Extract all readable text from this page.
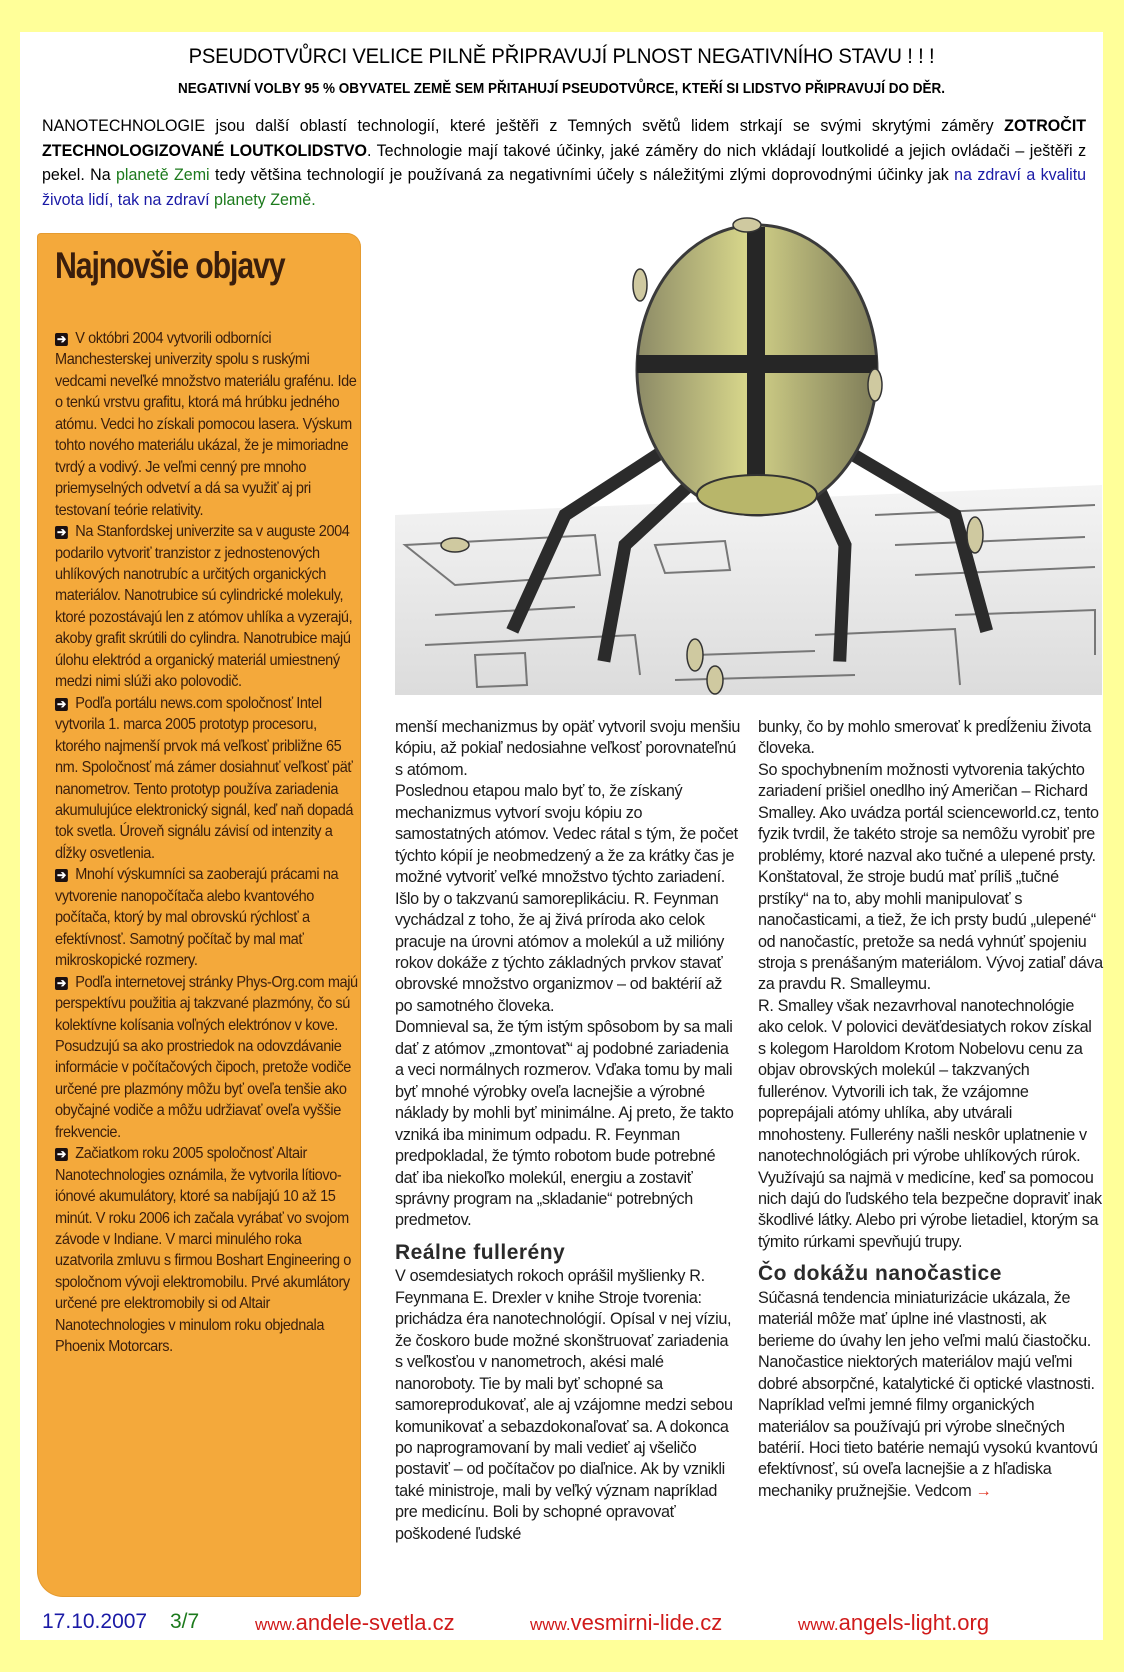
PSEUDOTVŮRCI VELICE PILNĚ PŘIPRAVUJÍ PLNOST NEGATIVNÍHO STAVU ! ! !
NEGATIVNÍ VOLBY 95 % OBYVATEL ZEMĚ SEM PŘITAHUJÍ PSEUDOTVŮRCE, KTEŘÍ SI LIDSTVO PŘIPRAVUJÍ DO DĚR.
NANOTECHNOLOGIE jsou další oblastí technologií, které ještěři z Temných světů lidem strkají se svými skrytými záměry ZOTROČIT ZTECHNOLOGIZOVANÉ LOUTKOLIDSTVO. Technologie mají takové účinky, jaké záměry do nich vkládají loutkolidé a jejich ovládači – ještěři z pekel. Na planetě Zemi tedy většina technologií je používaná za negativními účely s náležitými zlými doprovodnými účinky jak na zdraví a kvalitu života lidí, tak na zdraví planety Země.
Najnovšie objavy

➔ V októbri 2004 vytvorili odborníci Manchesterskej univerzity spolu s ruskými vedcami neveľké množstvo materiálu grafénu. Ide o tenkú vrstvu grafitu, ktorá má hrúbku jedného atómu. Vedci ho získali pomocou lasera. Výskum tohto nového materiálu ukázal, že je mimoriadne tvrdý a vodivý. Je veľmi cenný pre mnoho priemyselných odvetví a dá sa využiť aj pri testovaní teórie relativity.

➔ Na Stanfordskej univerzite sa v auguste 2004 podarilo vytvoriť tranzistor z jednostenových uhlíkových nanotrubíc a určitých organických materiálov. Nanotrubice sú cylindrické molekuly, ktoré pozostávajú len z atómov uhlíka a vyzerajú, akoby grafit skrútili do cylindra. Nanotrubice majú úlohu elektród a organický materiál umiestnený medzi nimi slúži ako polovodič.

➔ Podľa portálu news.com spoločnosť Intel vytvorila 1. marca 2005 prototyp procesoru, ktorého najmenší prvok má veľkosť približne 65 nm. Spoločnosť má zámer dosiahnuť veľkosť päť nanometrov. Tento prototyp používa zariadenia akumulujúce elektronický signál, keď naň dopadá tok svetla. Úroveň signálu závisí od intenzity a dĺžky osvetlenia.

➔ Mnohí výskumníci sa zaoberajú prácami na vytvorenie nanopočítača alebo kvantového počítača, ktorý by mal obrovskú rýchlosť a efektívnosť. Samotný počítač by mal mať mikroskopické rozmery.

➔ Podľa internetovej stránky Phys-Org.com majú perspektívu použitia aj takzvané plazmóny, čo sú kolektívne kolísania voľných elektrónov v kove. Posudzujú sa ako prostriedok na odovzdávanie informácie v počítačových čipoch, pretože vodiče určené pre plazmóny môžu byť oveľa tenšie ako obyčajné vodiče a môžu udržiavať oveľa vyššie frekvencie.

➔ Začiatkom roku 2005 spoločnosť Altair Nanotechnologies oznámila, že vytvorila lítiovo-iónové akumulátory, ktoré sa nabíjajú 10 až 15 minút. V roku 2006 ich začala vyrábať vo svojom závode v Indiane. V marci minulého roka uzatvorila zmluvu s firmou Boshart Engineering o spoločnom vývoji elektromobilu. Prvé akumlátory určené pre elektromobily si od Altair Nanotechnologies v minulom roku objednala Phoenix Motorcars.

menší mechanizmus by opäť vytvoril svoju menšiu kópiu, až pokiaľ nedosiahne veľkosť porovnateľnú s atómom.

Poslednou etapou malo byť to, že získaný mechanizmus vytvorí svoju kópiu zo samostatných atómov. Vedec rátal s tým, že počet týchto kópií je neobmedzený a že za krátky čas je možné vytvoriť veľké množstvo týchto zariadení. Išlo by o takzvanú samoreplikáciu. R. Feynman vychádzal z toho, že aj živá príroda ako celok pracuje na úrovni atómov a molekúl a už milióny rokov dokáže z týchto základných prvkov stavať obrovské množstvo organizmov – od baktérií až po samotného človeka.

Domnieval sa, že tým istým spôsobom by sa mali dať z atómov „zmontovať“ aj podobné zariadenia a veci normálnych rozmerov. Vďaka tomu by mali byť mnohé výrobky oveľa lacnejšie a výrobné náklady by mohli byť minimálne. Aj preto, že takto vzniká iba minimum odpadu. R. Feynman predpokladal, že týmto robotom bude potrebné dať iba niekoľko molekúl, energiu a zostaviť správny program na „skladanie“ potrebných predmetov.

Reálne fullerény

V osemdesiatych rokoch oprášil myšlienky R. Feynmana E. Drexler v knihe Stroje tvorenia: prichádza éra nanotechnológií. Opísal v nej víziu, že čoskoro bude možné skonštruovať zariadenia s veľkosťou v nanometroch, akési malé nanoroboty. Tie by mali byť schopné sa samoreprodukovať, ale aj vzájomne medzi sebou komunikovať a sebazdokonaľovať sa. A dokonca po naprogramovaní by mali vedieť aj všeličo postaviť – od počítačov po diaľnice. Ak by vznikli také ministroje, mali by veľký význam napríklad pre medicínu. Boli by schopné opravovať poškodené ľudské

bunky, čo by mohlo smerovať k predĺženiu života človeka.

So spochybnením možnosti vytvorenia takýchto zariadení prišiel onedlho iný Američan – Richard Smalley. Ako uvádza portál scienceworld.cz, tento fyzik tvrdil, že takéto stroje sa nemôžu vyrobiť pre problémy, ktoré nazval ako tučné a ulepené prsty. Konštatoval, že stroje budú mať príliš „tučné prstíky“ na to, aby mohli manipulovať s nanočasticami, a tiež, že ich prsty budú „ulepené“ od nanočastíc, pretože sa nedá vyhnúť spojeniu stroja s prenášaným materiálom. Vývoj zatiaľ dáva za pravdu R. Smalleymu.

R. Smalley však nezavrhoval nanotechnológie ako celok. V polovici deväťdesiatych rokov získal s kolegom Haroldom Krotom Nobelovu cenu za objav obrovských molekúl – takzvaných fullerénov. Vytvorili ich tak, že vzájomne poprepájali atómy uhlíka, aby utvárali mnohosteny. Fullerény našli neskôr uplatnenie v nanotechnológiách pri výrobe uhlíkových rúrok. Využívajú sa najmä v medicíne, keď sa pomocou nich dajú do ľudského tela bezpečne dopraviť inak škodlivé látky. Alebo pri výrobe lietadiel, ktorým sa týmito rúrkami spevňujú trupy.

Čo dokážu nanočastice

Súčasná tendencia miniaturizácie ukázala, že materiál môže mať úplne iné vlastnosti, ak berieme do úvahy len jeho veľmi malú čiastočku. Nanočastice niektorých materiálov majú veľmi dobré absorpčné, katalytické či optické vlastnosti. Napríklad veľmi jemné filmy organických materiálov sa používajú pri výrobe slnečných batérií. Hoci tieto batérie nemajú vysokú kvantovú efektívnosť, sú oveľa lacnejšie a z hľadiska mechaniky pružnejšie. Vedcom →

17.10.2007 3/7	www.andele-svetla.cz	www.vesmirni-lide.cz	www.angels-light.org
